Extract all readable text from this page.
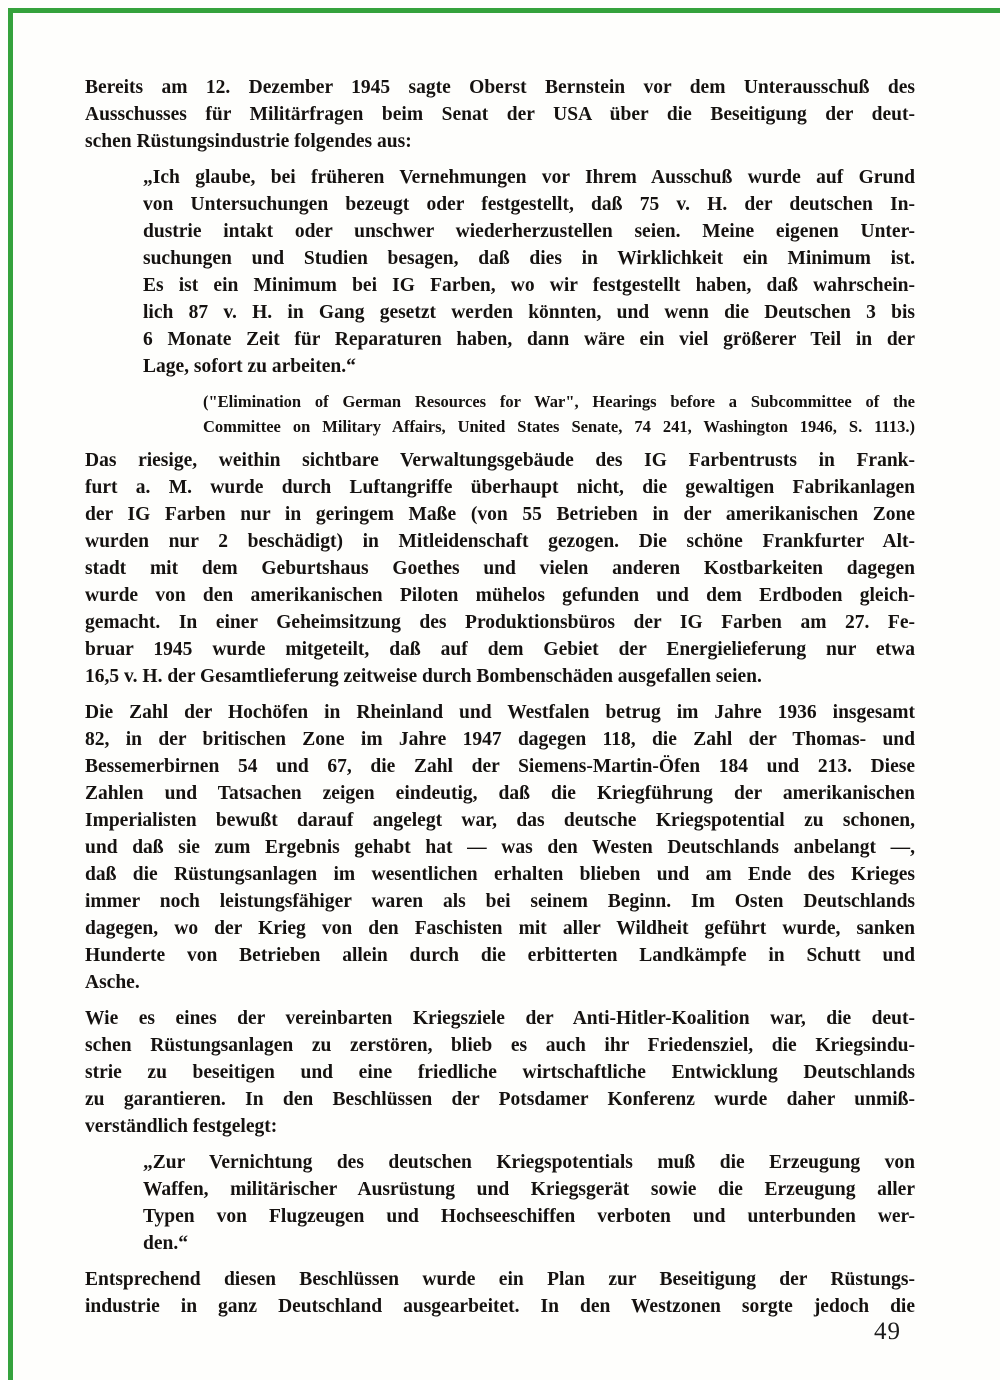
Bereits am 12. Dezember 1945 sagte Oberst Bernstein vor dem Unterausschuß des
Ausschusses für Militärfragen beim Senat der USA über die Beseitigung der deut-
schen Rüstungsindustrie folgendes aus:
„Ich glaube, bei früheren Vernehmungen vor Ihrem Ausschuß wurde auf Grund
von Untersuchungen bezeugt oder festgestellt, daß 75 v. H. der deutschen In-
dustrie intakt oder unschwer wiederherzustellen seien. Meine eigenen Unter-
suchungen und Studien besagen, daß dies in Wirklichkeit ein Minimum ist.
Es ist ein Minimum bei IG Farben, wo wir festgestellt haben, daß wahrschein-
lich 87 v. H. in Gang gesetzt werden könnten, und wenn die Deutschen 3 bis
6 Monate Zeit für Reparaturen haben, dann wäre ein viel größerer Teil in der
Lage, sofort zu arbeiten.“
("Elimination of German Resources for War", Hearings before a Subcommittee of the
Committee on Military Affairs, United States Senate, 74 241, Washington 1946, S. 1113.)
Das riesige, weithin sichtbare Verwaltungsgebäude des IG Farbentrusts in Frank-
furt a. M. wurde durch Luftangriffe überhaupt nicht, die gewaltigen Fabrikanlagen
der IG Farben nur in geringem Maße (von 55 Betrieben in der amerikanischen Zone
wurden nur 2 beschädigt) in Mitleidenschaft gezogen. Die schöne Frankfurter Alt-
stadt mit dem Geburtshaus Goethes und vielen anderen Kostbarkeiten dagegen
wurde von den amerikanischen Piloten mühelos gefunden und dem Erdboden gleich-
gemacht. In einer Geheimsitzung des Produktionsbüros der IG Farben am 27. Fe-
bruar 1945 wurde mitgeteilt, daß auf dem Gebiet der Energielieferung nur etwa
16,5 v. H. der Gesamtlieferung zeitweise durch Bombenschäden ausgefallen seien.
Die Zahl der Hochöfen in Rheinland und Westfalen betrug im Jahre 1936 insgesamt
82, in der britischen Zone im Jahre 1947 dagegen 118, die Zahl der Thomas- und
Bessemerbirnen 54 und 67, die Zahl der Siemens-Martin-Öfen 184 und 213. Diese
Zahlen und Tatsachen zeigen eindeutig, daß die Kriegführung der amerikanischen
Imperialisten bewußt darauf angelegt war, das deutsche Kriegspotential zu schonen,
und daß sie zum Ergebnis gehabt hat — was den Westen Deutschlands anbelangt —,
daß die Rüstungsanlagen im wesentlichen erhalten blieben und am Ende des Krieges
immer noch leistungsfähiger waren als bei seinem Beginn. Im Osten Deutschlands
dagegen, wo der Krieg von den Faschisten mit aller Wildheit geführt wurde, sanken
Hunderte von Betrieben allein durch die erbitterten Landkämpfe in Schutt und
Asche.
Wie es eines der vereinbarten Kriegsziele der Anti-Hitler-Koalition war, die deut-
schen Rüstungsanlagen zu zerstören, blieb es auch ihr Friedensziel, die Kriegsindu-
strie zu beseitigen und eine friedliche wirtschaftliche Entwicklung Deutschlands
zu garantieren. In den Beschlüssen der Potsdamer Konferenz wurde daher unmiß-
verständlich festgelegt:
„Zur Vernichtung des deutschen Kriegspotentials muß die Erzeugung von
Waffen, militärischer Ausrüstung und Kriegsgerät sowie die Erzeugung aller
Typen von Flugzeugen und Hochseeschiffen verboten und unterbunden wer-
den.“
Entsprechend diesen Beschlüssen wurde ein Plan zur Beseitigung der Rüstungs-
industrie in ganz Deutschland ausgearbeitet. In den Westzonen sorgte jedoch die
49
